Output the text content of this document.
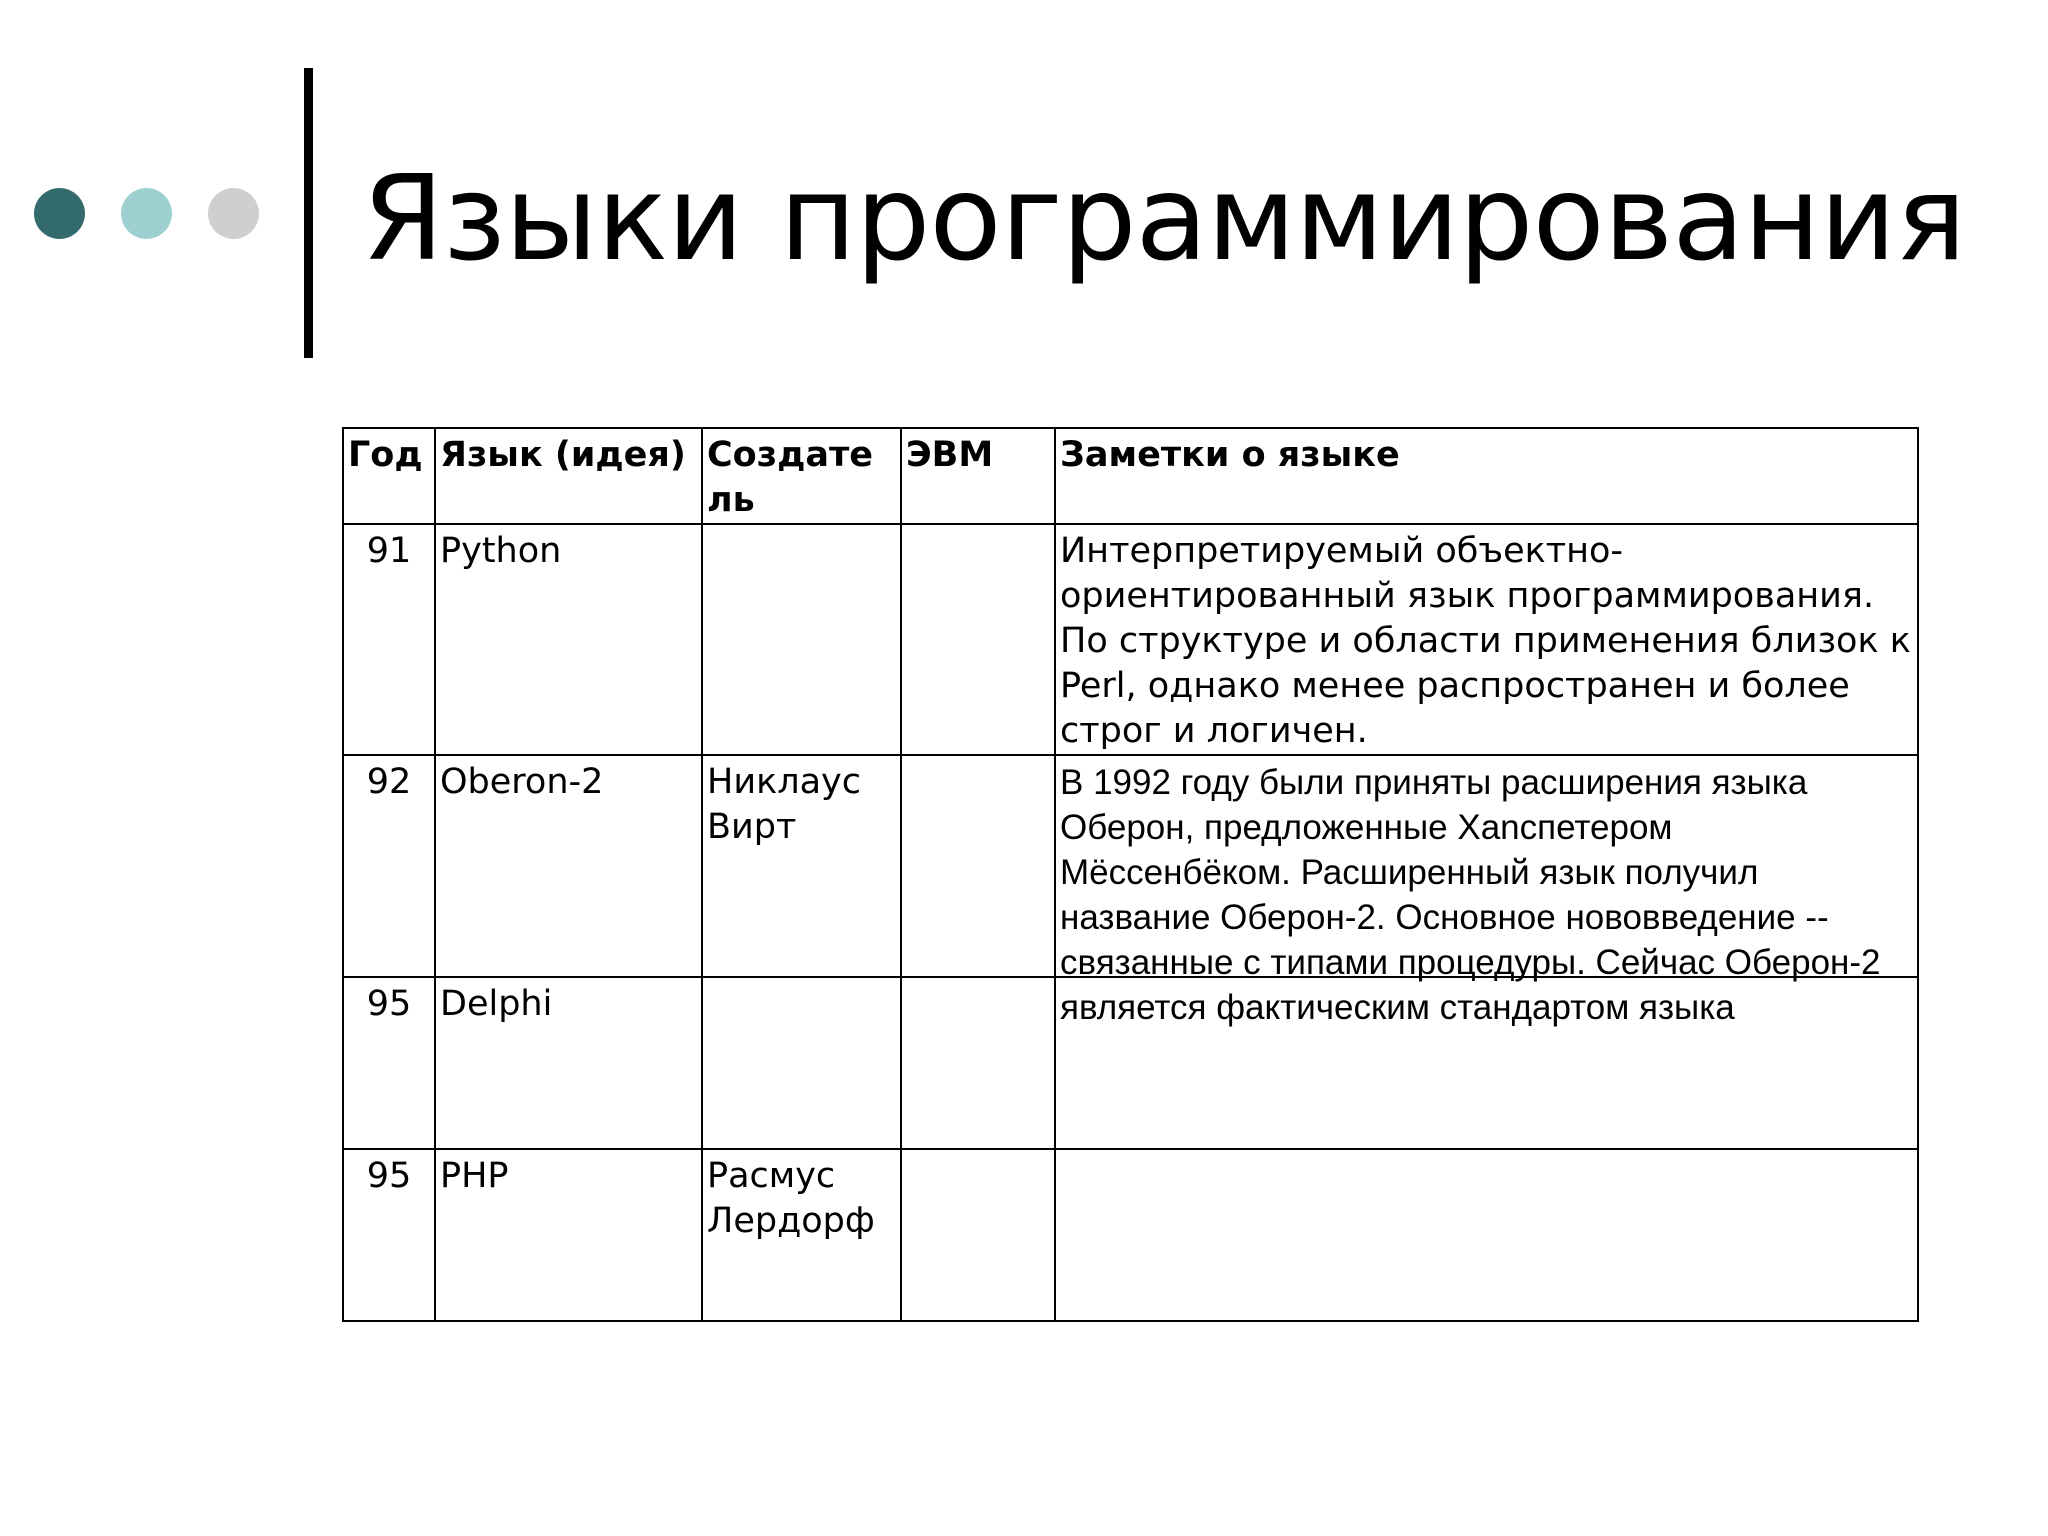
Языки программирования
Год	Язык (идея)	Создатель	ЭВМ	Заметки о языке
91	Python			Интерпретируемый объектно-ориентированный язык программирования. По структуре и области применения близок к Perl, однако менее распространен и более строг и логичен.
92	Oberon-2	Никлаус Вирт		В 1992 году были приняты расширения языка Оберон, предложенные Хanспетером Мёссенбёком. Расширенный язык получил название Оберон-2. Основное нововведение -- связанные с типами процедуры. Сейчас Оберон-2 является фактическим стандартом языка

95	Delphi			
95	PHP	Расмус Лердорф		
